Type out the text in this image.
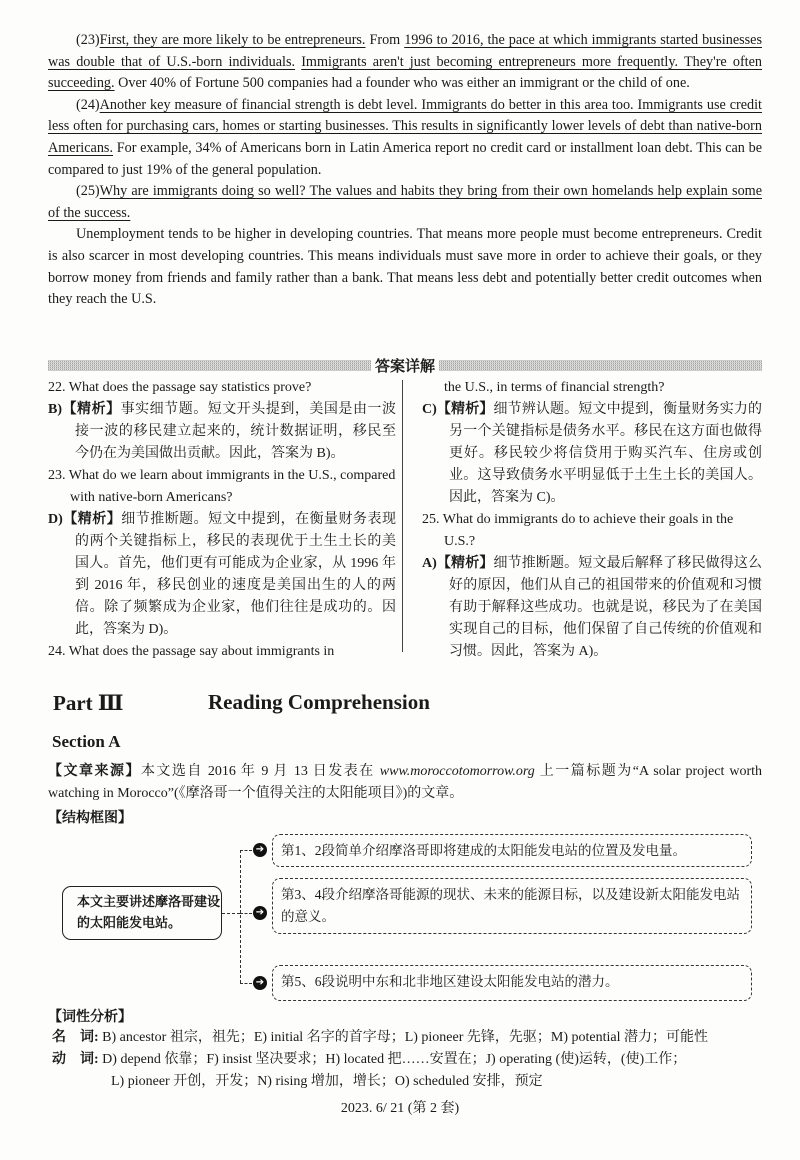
(23)First, they are more likely to be entrepreneurs. From 1996 to 2016, the pace at which immigrants started businesses was double that of U.S.-born individuals. Immigrants aren't just becoming entrepreneurs more frequently. They're often succeeding. Over 40% of Fortune 500 companies had a founder who was either an immigrant or the child of one.
(24)Another key measure of financial strength is debt level. Immigrants do better in this area too. Immigrants use credit less often for purchasing cars, homes or starting businesses. This results in significantly lower levels of debt than native-born Americans. For example, 34% of Americans born in Latin America report no credit card or installment loan debt. This can be compared to just 19% of the general population.
(25)Why are immigrants doing so well? The values and habits they bring from their own homelands help explain some of the success.
Unemployment tends to be higher in developing countries. That means more people must become entrepreneurs. Credit is also scarcer in most developing countries. This means individuals must save more in order to achieve their goals, or they borrow money from friends and family rather than a bank. That means less debt and potentially better credit outcomes when they reach the U.S.
答案详解

22. What does the passage say statistics prove?

B)【精析】事实细节题。短文开头提到，美国是由一波接一波的移民建立起来的，统计数据证明，移民至今仍在为美国做出贡献。因此，答案为 B)。

23. What do we learn about immigrants in the U.S., compared with native-born Americans?

D)【精析】细节推断题。短文中提到，在衡量财务表现的两个关键指标上，移民的表现优于土生土长的美国人。首先，他们更有可能成为企业家，从 1996 年到 2016 年，移民创业的速度是美国出生的人的两倍。除了频繁成为企业家，他们往往是成功的。因此，答案为 D)。

24. What does the passage say about immigrants in

the U.S., in terms of financial strength?

C)【精析】细节辨认题。短文中提到，衡量财务实力的另一个关键指标是债务水平。移民在这方面也做得更好。移民较少将信贷用于购买汽车、住房或创业。这导致债务水平明显低于土生土长的美国人。因此，答案为 C)。

25. What do immigrants do to achieve their goals in the U.S.?

A)【精析】细节推断题。短文最后解释了移民做得这么好的原因，他们从自己的祖国带来的价值观和习惯有助于解释这些成功。也就是说，移民为了在美国实现自己的目标，他们保留了自己传统的价值观和习惯。因此，答案为 A)。

Part Ⅲ	Reading Comprehension
Section A
【文章来源】本文选自 2016 年 9 月 13 日发表在 www.moroccotomorrow.org 上一篇标题为“A solar project worth watching in Morocco”(《摩洛哥一个值得关注的太阳能项目》)的文章。
【结构框图】
本文主要讲述摩洛哥建设的太阳能发电站。
➔
➔
➔
第1、2段简单介绍摩洛哥即将建成的太阳能发电站的位置及发电量。
第3、4段介绍摩洛哥能源的现状、未来的能源目标，以及建设新太阳能发电站的意义。
第5、6段说明中东和北非地区建设太阳能发电站的潜力。
【词性分析】
名　词: B) ancestor 祖宗，祖先；E) initial 名字的首字母；L) pioneer 先锋，先驱；M) potential 潜力；可能性
动　词: D) depend 依靠；F) insist 坚决要求；H) located 把……安置在；J) operating (使)运转，(使)工作；
L) pioneer 开创，开发；N) rising 增加，增长；O) scheduled 安排，预定
2023. 6/ 21 (第 2 套)
